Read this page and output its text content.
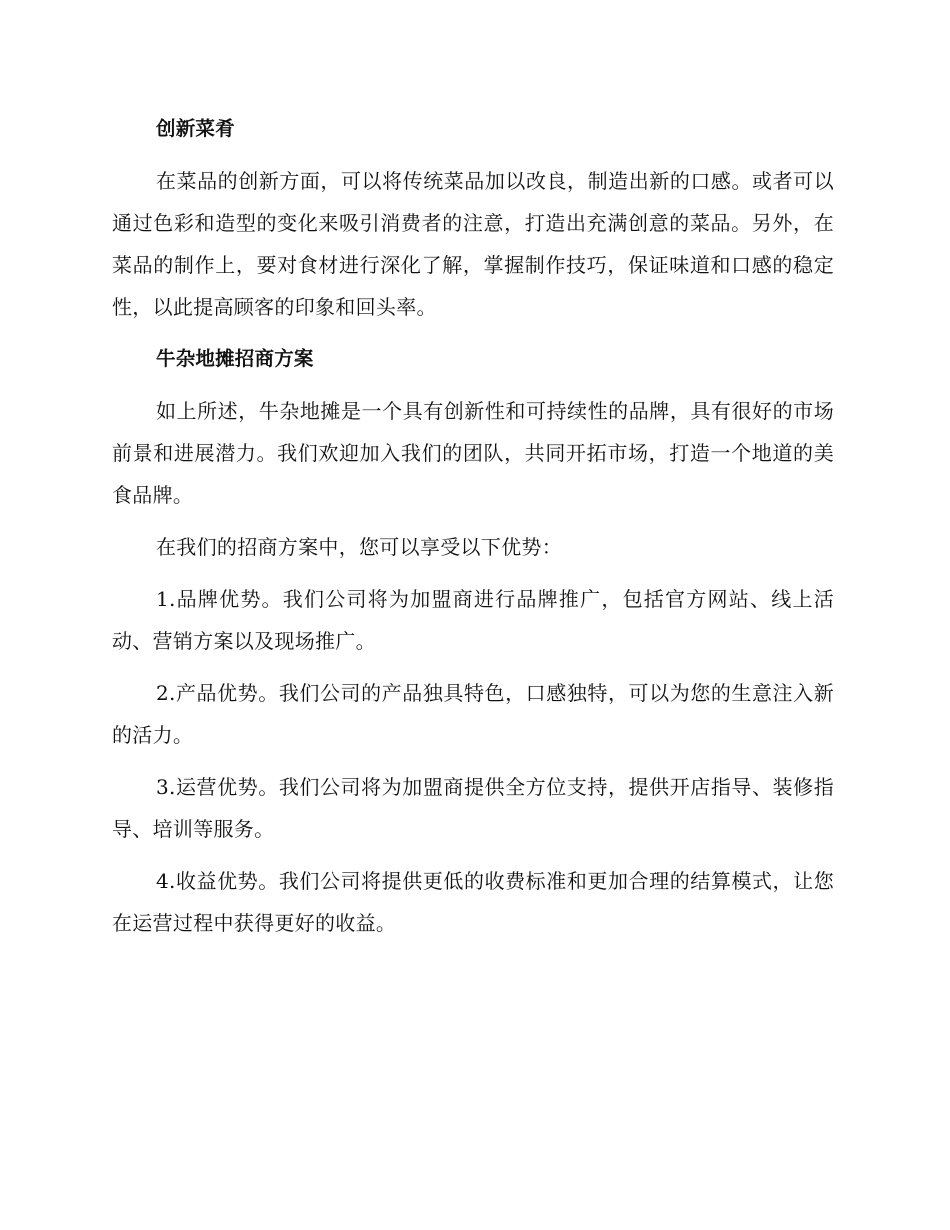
创新菜肴

在菜品的创新方面，可以将传统菜品加以改良，制造出新的口感。或者可以通过色彩和造型的变化来吸引消费者的注意，打造出充满创意的菜品。另外，在菜品的制作上，要对食材进行深化了解，掌握制作技巧，保证味道和口感的稳定性，以此提高顾客的印象和回头率。

牛杂地摊招商方案

如上所述，牛杂地摊是一个具有创新性和可持续性的品牌，具有很好的市场前景和进展潜力。我们欢迎加入我们的团队，共同开拓市场，打造一个地道的美食品牌。

在我们的招商方案中，您可以享受以下优势：

1.品牌优势。我们公司将为加盟商进行品牌推广，包括官方网站、线上活动、营销方案以及现场推广。

2.产品优势。我们公司的产品独具特色，口感独特，可以为您的生意注入新的活力。

3.运营优势。我们公司将为加盟商提供全方位支持，提供开店指导、装修指导、培训等服务。

4.收益优势。我们公司将提供更低的收费标准和更加合理的结算模式，让您在运营过程中获得更好的收益。
